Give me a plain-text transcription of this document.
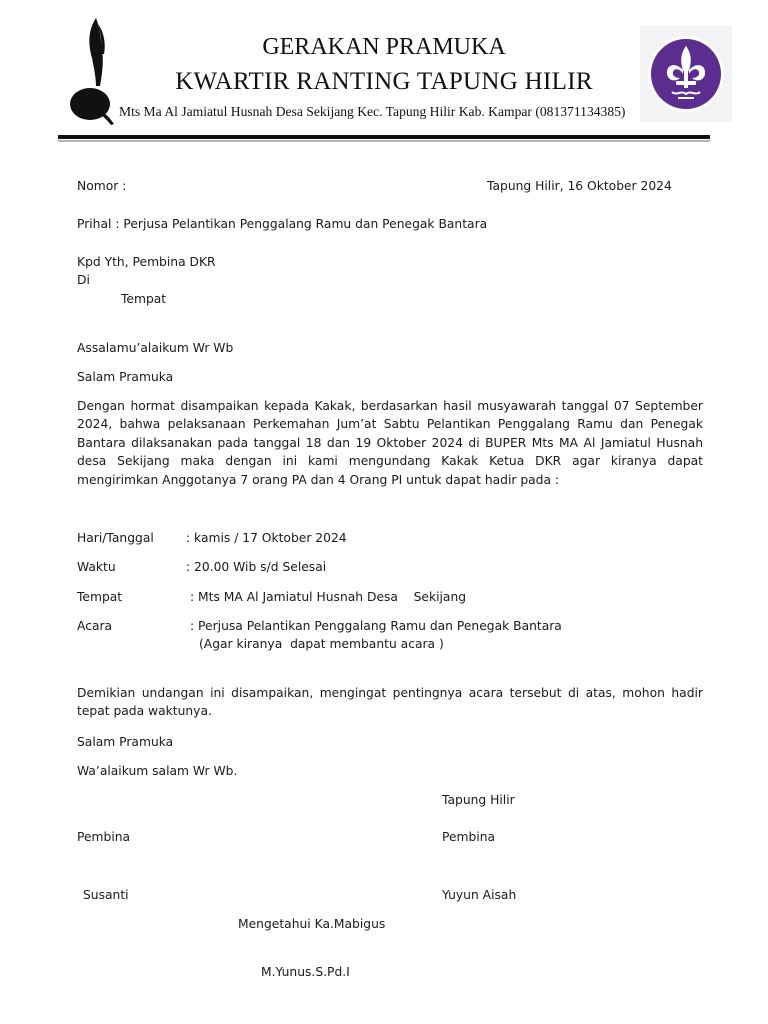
GERAKAN PRAMUKA
KWARTIR RANTING TAPUNG HILIR
Mts Ma Al Jamiatul Husnah Desa Sekijang Kec. Tapung Hilir Kab. Kampar (081371134385)
Nomor :	Tapung Hilir, 16 Oktober 2024
Prihal : Perjusa Pelantikan Penggalang Ramu dan Penegak Bantara
Kpd Yth, Pembina DKR
Di
Tempat
Assalamu’alaikum Wr Wb
Salam Pramuka
Dengan hormat disampaikan kepada Kakak, berdasarkan hasil musyawarah tanggal 07 September 2024, bahwa pelaksanaan Perkemahan Jum’at Sabtu Pelantikan Penggalang Ramu dan Penegak Bantara dilaksanakan pada tanggal 18 dan 19 Oktober 2024 di BUPER Mts MA Al Jamiatul Husnah desa Sekijang maka dengan ini kami mengundang Kakak Ketua DKR agar kiranya dapat mengirimkan Anggotanya 7 orang PA dan 4 Orang PI untuk dapat hadir pada :
Hari/Tanggal	: kamis / 17 Oktober 2024
Waktu	: 20.00 Wib s/d Selesai
Tempat	: Mts MA Al Jamiatul Husnah Desa    Sekijang
Acara	: Perjusa Pelantikan Penggalang Ramu dan Penegak Bantara
(Agar kiranya  dapat membantu acara )
Demikian undangan ini disampaikan, mengingat pentingnya acara tersebut di atas, mohon hadir tepat pada waktunya.
Salam Pramuka
Wa’alaikum salam Wr Wb.
Tapung Hilir
Pembina	Pembina
Susanti	Yuyun Aisah
Mengetahui Ka.Mabigus
M.Yunus.S.Pd.I
